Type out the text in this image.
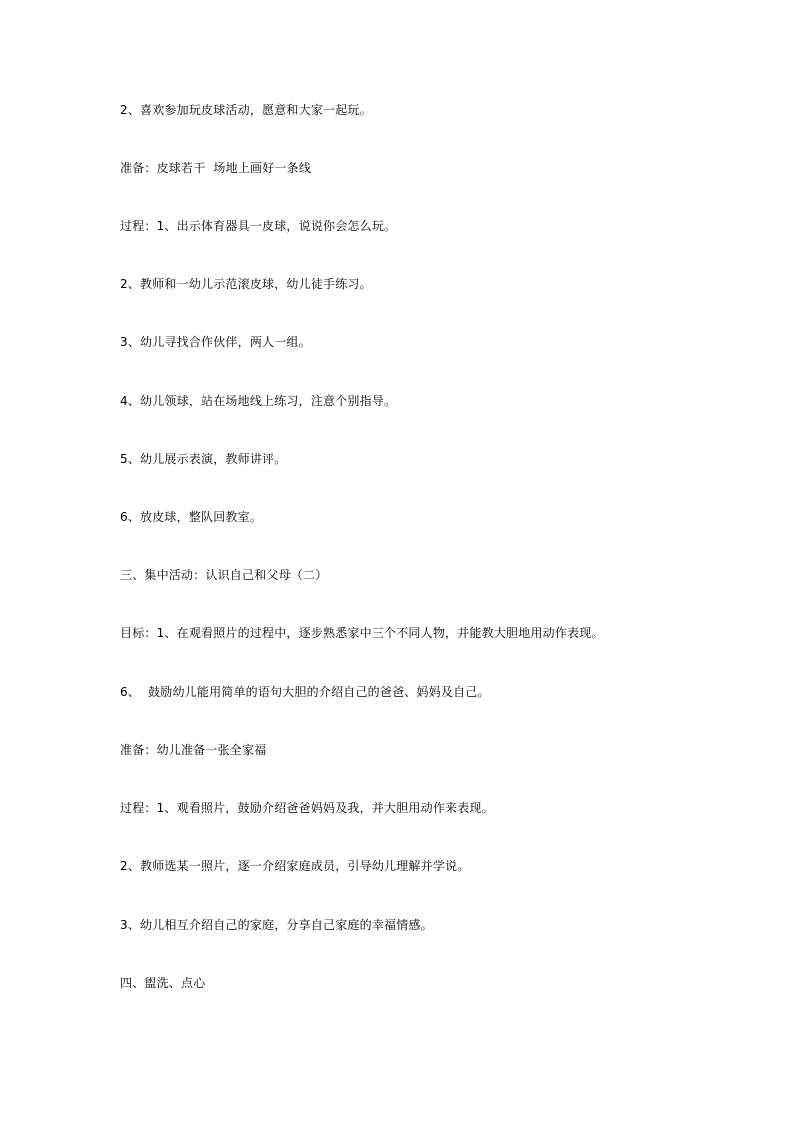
2、喜欢参加玩皮球活动，愿意和大家一起玩。
准备：皮球若干  场地上画好一条线
过程：1、出示体育器具一皮球，说说你会怎么玩。
2、教师和一幼儿示范滚皮球，幼儿徒手练习。
3、幼儿寻找合作伙伴，两人一组。
4、幼儿领球，站在场地线上练习，注意个别指导。
5、幼儿展示表演，教师讲评。
6、放皮球，整队回教室。
三、集中活动：认识自己和父母（二）
目标：1、在观看照片的过程中，逐步熟悉家中三个不同人物，并能教大胆地用动作表现。
6、  鼓励幼儿能用简单的语句大胆的介绍自己的爸爸、妈妈及自己。
准备：幼儿准备一张全家福
过程：1、观看照片，鼓励介绍爸爸妈妈及我，并大胆用动作来表现。
2、教师选某一照片，逐一介绍家庭成员，引导幼儿理解并学说。
3、幼儿相互介绍自己的家庭，分享自己家庭的幸福情感。
四、盥洗、点心
